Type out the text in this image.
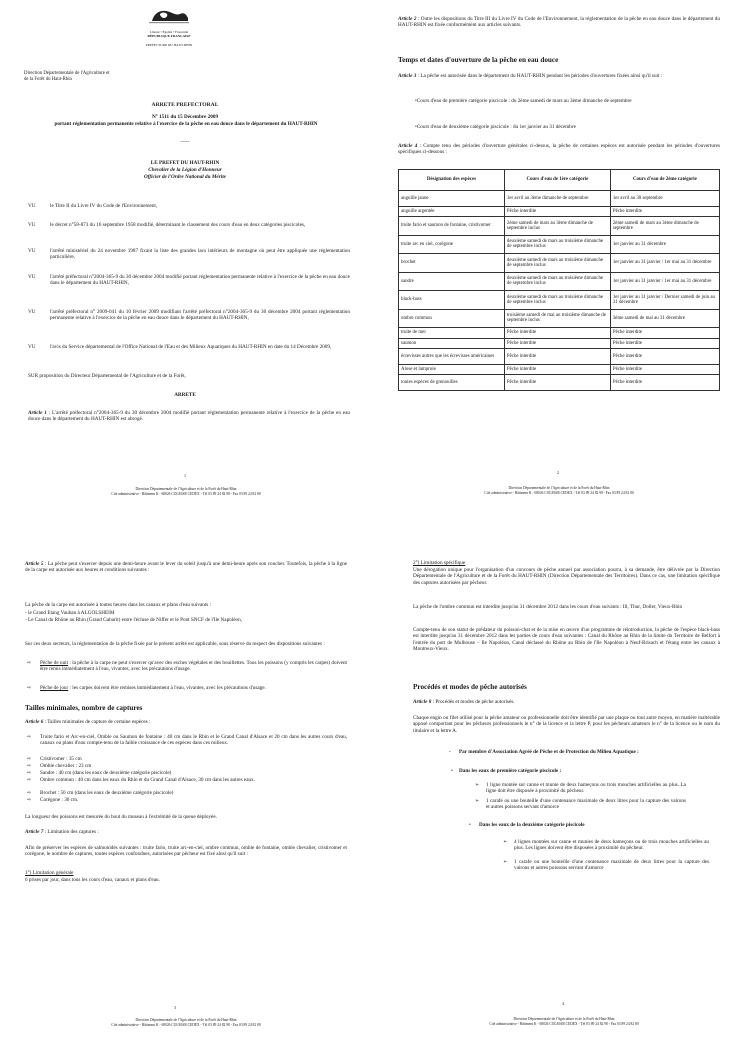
Liberté • Égalité • Fraternité
RÉPUBLIQUE FRANÇAISE
PREFECTURE DU HAUT-RHIN
Direction Départementale de l'Agriculture et de la Forêt du Haut-Rhin
ARRETE PREFECTORAL
N° 1511 du 15 Décembre 2009
portant réglementation permanente relative à l'exercice de la pêche en eau douce dans le département du HAUT-RHIN
-----
LE PREFET DU HAUT-RHIN
Chevalier de la Légion d'Honneur
Officier de l'Ordre National du Mérite
VU	le Titre II du Livre IV du Code de l'Environnement,
VU	le décret n°58-873 du 16 septembre 1958 modifié, déterminant le classement des cours d'eau en deux catégories piscicoles,
VU	l'arrêté ministériel du 24 novembre 1987 fixant la liste des grandes lacs intérieurs de montagne où peut être appliquée une réglementation particulière,
VU	l'arrêté préfectoral n°2004-365-9 du 30 décembre 2004 modifié portant réglementation permanente relative à l'exercice de la pêche en eau douce dans le département du HAUT-RHIN,
VU	l'arrêté préfectoral n° 2009-041 du 10 février 2009 modifiant l'arrêté préfectoral n°2004-365-9 du 30 décembre 2004 portant réglementation permanente relative à l'exercice de la pêche en eau douce dans le département du HAUT-RHIN,
VU	l'avis du Service départemental de l'Office National de l'Eau et des Milieux Aquatiques du HAUT-RHIN en date du 14 Décembre 2009,
SUR proposition du Directeur Départemental de l'Agriculture et de la Forêt,
ARRETE
Article 1 : L'arrêté préfectoral n°2004-365-9 du 30 décembre 2004 modifié portant réglementation permanente relative à l'exercice de la pêche en eau douce dans le département du HAUT-RHIN est abrogé.
1
Direction Départementale de l'Agriculture et de la Forêt du Haut-Rhin
Cité administrative - Bâtiment K - 68026 COLMAR CEDEX - Tél 03 89 24 82 98 - Fax 03 89 24 82 80
Article 2 : Outre les dispositions du Titre III du Livre IV du Code de l'Environnement, la réglementation de la pêche en eau douce dans le département du HAUT-RHIN est fixée conformément aux articles suivants.
Temps et dates d'ouverture de la pêche en eau douce
Article 3 : La pêche est autorisée dans le département du HAUT-RHIN pendant les périodes d'ouvertures fixées ainsi qu'il suit :
•Cours d'eau de première catégorie piscicole : du 2ème samedi de mars au 3ème dimanche de septembre
•Cours d'eau de deuxième catégorie piscicole : du 1er janvier au 31 décembre
Article 4 : Compte tenu des périodes d'ouverture générales ci-dessus, la pêche de certaines espèces est autorisée pendant les périodes d'ouvertures spécifiques ci-dessous :
Désignation des espèces	Cours d'eau de 1ère catégorie	Cours d'eau de 2ème catégorie
anguille jaune	1er avril au 3ème dimanche de septembre	1er avril au 30 septembre
anguille argentée	Pêche interdite	Pêche interdite
truite fario et saumon de fontaine, cristivomer	2ème samedi de mars au 3ème dimanche de septembre inclus	2ème samedi de mars au 3ème dimanche de septembre
truite arc en ciel, corégone	deuxième samedi de mars au troisième dimanche de septembre inclus	1er janvier au 31 décembre
brochet	deuxième samedi de mars au troisième dimanche de septembre inclus	1er janvier au 31 janvier / 1er mai au 31 décembre
sandre	deuxième samedi de mars au troisième dimanche de septembre inclus	1er janvier au 31 janvier / 1er mai au 31 décembre
black-bass	deuxième samedi de mars au troisième dimanche de septembre inclus	1er janvier au 31 janvier / Dernier samedi de juin au 31 décembre
ombre commun	troisième samedi de mai au troisième dimanche de septembre inclus	3ème samedi de mai au 31 décembre
truite de mer	Pêche interdite	Pêche interdite
saumon	Pêche interdite	Pêche interdite
écrevisses autres que les écrevisses américaines	Pêche interdite	Pêche interdite
Alose et lamproie	Pêche interdite	Pêche interdite
toutes espèces de grenouilles	Pêche interdite	Pêche interdite
2
Direction Départementale de l'Agriculture et de la Forêt du Haut-Rhin
Cité administrative - Bâtiment K - 68026 COLMAR CEDEX - Tél 03 89 24 82 98 - Fax 03 89 24 82 80
Article 5 : La pêche peut s'exercer depuis une demi-heure avant le lever du soleil jusqu'à une demi-heure après son coucher. Toutefois, la pêche à la ligne de la carpe est autorisée aux heures et conditions suivantes :
La pêche de la carpe est autorisée à toutes heures dans les canaux et plans d'eau suivants :
- le Grand Etang Vauban à ALGOLSHEIM
- Le Canal du Rhône au Rhin (Grand Gabarit) entre l'écluse de Niffer et le Pont SNCF de l'Ile Napoléon,
Sur ces deux secteurs, la réglementation de la pêche fixée par le présent arrêté est applicable, sous réserve du respect des dispositions suivantes :
⇨ Pêche de nuit : la pêche à la carpe ne peut s'exercer qu'avec des esches végétales et des bouillettes. Tous les poissons (y compris les carpes) doivent être remis immédiatement à l'eau, vivantes, avec les précautions d'usage.
⇨ Pêche de jour : les carpes doivent être remises immédiatement à l'eau, vivantes, avec les précautions d'usage.
Tailles minimales, nombre de captures
Article 6 : Tailles minimales de capture de certaine espèces :
⇨ Truite fario et Arc-en-ciel, Omble ou Saumon de fontaine : 40 cm dans le Rhin et le Grand Canal d'Alsace et 20 cm dans les autres cours d'eau, canaux ou plans d'eau compte-tenu de la faible croissance de ces espèces dans ces milieux.
⇨ Cristivomer : 35 cm
⇨ Omble chevalier : 23 cm
⇨ Sandre : 40 cm (dans les eaux de deuxième catégorie piscicole)
⇨ Ombre commun : 40 cm dans les eaux du Rhin et du Grand Canal d'Alsace, 30 cm dans les autres eaux.
⇨ Brochet : 50 cm (dans les eaux de deuxième catégorie piscicole)
⇨ Corégone : 30 cm.
La longueur des poissons est mesurée du bout du museau à l'extrémité de la queue déployée.
Article 7 : Limitation des captures :
Afin de préserver les espèces de salmonidés suivantes : truite fario, truite arc-en-ciel, ombre commun, omble de fontaine, omble chevalier, cristivomer et corégone, le nombre de captures, toutes espèces confondues, autorisées par pêcheur est fixé ainsi qu'il suit :
1°) Limitation générale
6 prises par jour, dans tous les cours d'eau, canaux et plans d'eau.
3
Direction Départementale de l'Agriculture et de la Forêt du Haut-Rhin
Cité administrative - Bâtiment K - 68026 COLMAR CEDEX - Tél 03 89 24 82 98 - Fax 03 89 24 82 80
2°) Limitation spécifique
Une dérogation unique pour l'organisation d'un concours de pêche annuel par association pourra, à sa demande, être délivrée par la Direction Départementale de l'Agriculture et de la Forêt du HAUT-RHIN (Direction Départementale des Territoires). Dans ce cas, une limitation spécifique des captures autorisées par pêcheur.
La pêche de l'ombre commun est interdite jusqu'au 31 décembre 2012 dans les cours d'eau suivants : Ill, Thur, Doller, Vieux-Rhin
Compte-tenu de son statut de prédateur du poisson-chat et de la mise en œuvre d'un programme de réintroduction, la pêche de l'espèce black-bass est interdite jusqu'au 31 décembre 2012 dans les parties de cours d'eau suivantes : Canal du Rhône au Rhin de la limite du Territoire de Belfort à l'entrée du port de Mulhouse – Ile Napoléon, Canal déclassé du Rhône au Rhin de l'Ile Napoléon à Neuf-Brisach et l'étang entre les canaux à Montreux-Vieux.
Procédés et modes de pêche autorisés
Article 8 : Procédés et modes de pêche autorisés.
Chaque engin ou filet utilisé pour la pêche amateur ou professionnelle doit être identifié par une plaque ou tout autre moyen, en matière inaltérable apposé comportant pour les pêcheurs professionnels le n° de la licence et la lettre P, pour les pêcheurs amateurs le n° de la licence ou le nom du titulaire et la lettre A.
- Par membre d'Association Agréé de Pêche et de Protection du Milieu Aquatique :
• Dans les eaux de première catégorie piscicole :
➢ 1 ligne montée sur canne et munie de deux hameçons ou trois mouches artificielles au plus. La ligne doit être disposée à proximité du pêcheur.
➢ 1 carafe ou une bouteille d'une contenance maximale de deux litres pour la capture des vairons et autres poissons servant d'amorce
• Dans les eaux de la deuxième catégorie piscicole
➢ 4 lignes montées sur canne et munies de deux hameçons ou de trois mouches artificielles au plus. Les lignes doivent être disposées à proximité du pêcheur.
➢ 1 carafe ou une bouteille d'une contenance maximale de deux litres pour la capture des vairons et autres poissons servant d'amorce
4
Direction Départementale de l'Agriculture et de la Forêt du Haut-Rhin
Cité administrative - Bâtiment K - 68026 COLMAR CEDEX - Tél 03 89 24 82 98 - Fax 03 89 24 82 80
